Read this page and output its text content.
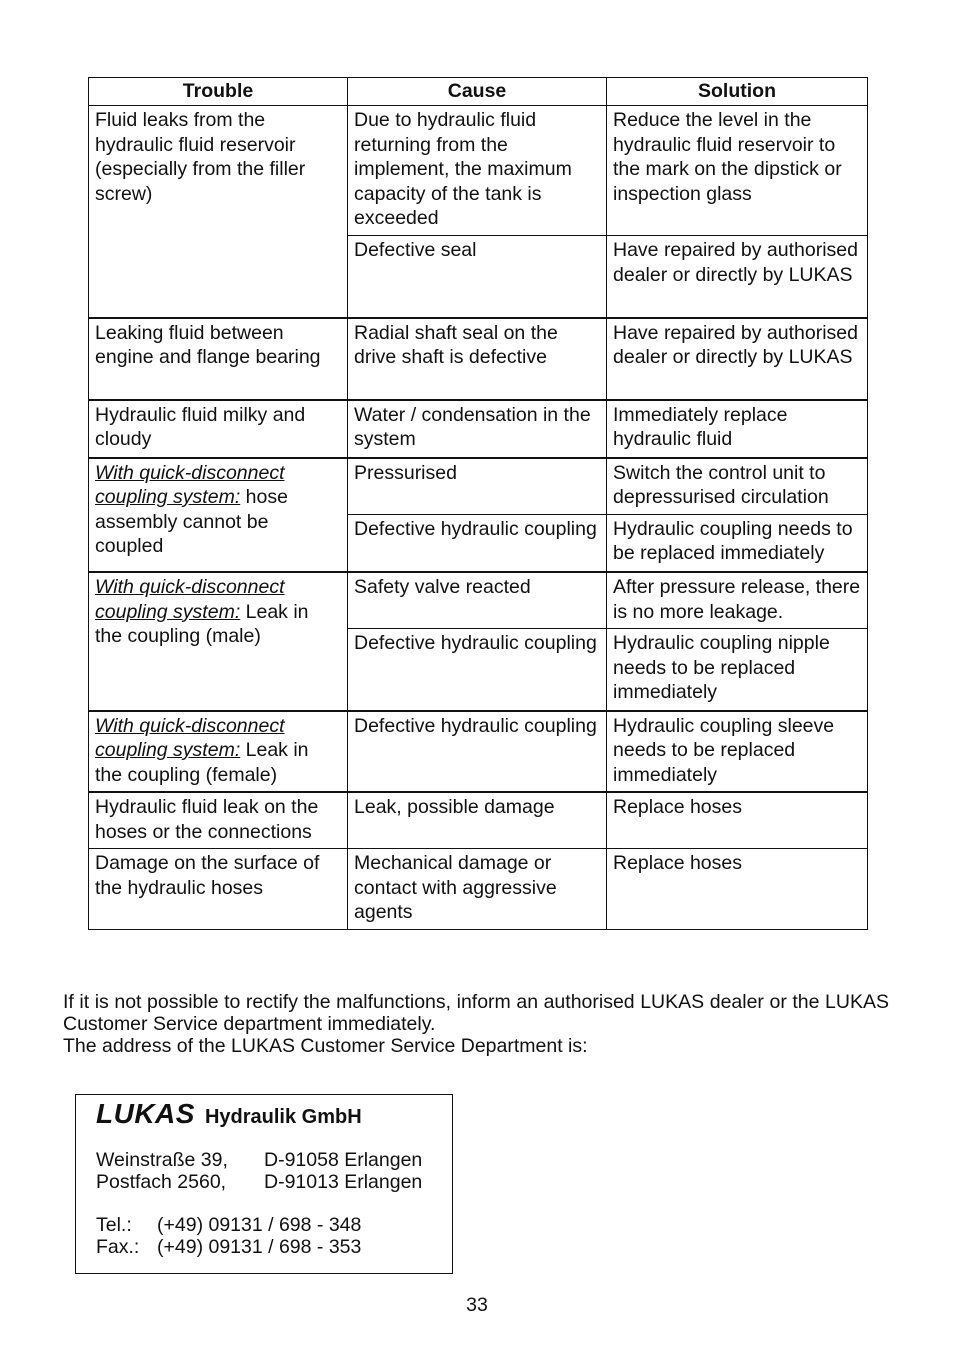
Trouble	Cause	Solution
Fluid leaks from the hydraulic fluid reservoir (especially from the filler screw)	Due to hydraulic fluid returning from the implement, the maximum capacity of the tank is exceeded	Reduce the level in the hydraulic fluid reservoir to the mark on the dipstick or inspection glass
	Defective seal	Have repaired by authorised dealer or directly by LUKAS
Leaking fluid between engine and flange bearing	Radial shaft seal on the drive shaft is defective	Have repaired by authorised dealer or directly by LUKAS
Hydraulic fluid milky and cloudy	Water / condensation in the system	Immediately replace hydraulic fluid
With quick-disconnect coupling system: hose assembly cannot be coupled	Pressurised	Switch the control unit to depressurised circulation
	Defective hydraulic coupling	Hydraulic coupling needs to be replaced immediately
With quick-disconnect coupling system: Leak in the coupling (male)	Safety valve reacted	After pressure release, there is no more leakage.
	Defective hydraulic coupling	Hydraulic coupling nipple needs to be replaced immediately
With quick-disconnect coupling system: Leak in the coupling (female)	Defective hydraulic coupling	Hydraulic coupling sleeve needs to be replaced immediately
Hydraulic fluid leak on the hoses or the connections	Leak, possible damage	Replace hoses
Damage on the surface of the hydraulic hoses	Mechanical damage or contact with aggressive agents	Replace hoses

If it is not possible to rectify the malfunctions, inform an authorised LUKAS dealer or the LUKAS Customer Service department immediately.

The address of the LUKAS Customer Service Department is:

LUKAS Hydraulik GmbH
Weinstraße 39, D-91058 Erlangen
Postfach 2560, D-91013 Erlangen
Tel.: (+49) 09131 / 698 - 348
Fax.: (+49) 09131 / 698 - 353
33
